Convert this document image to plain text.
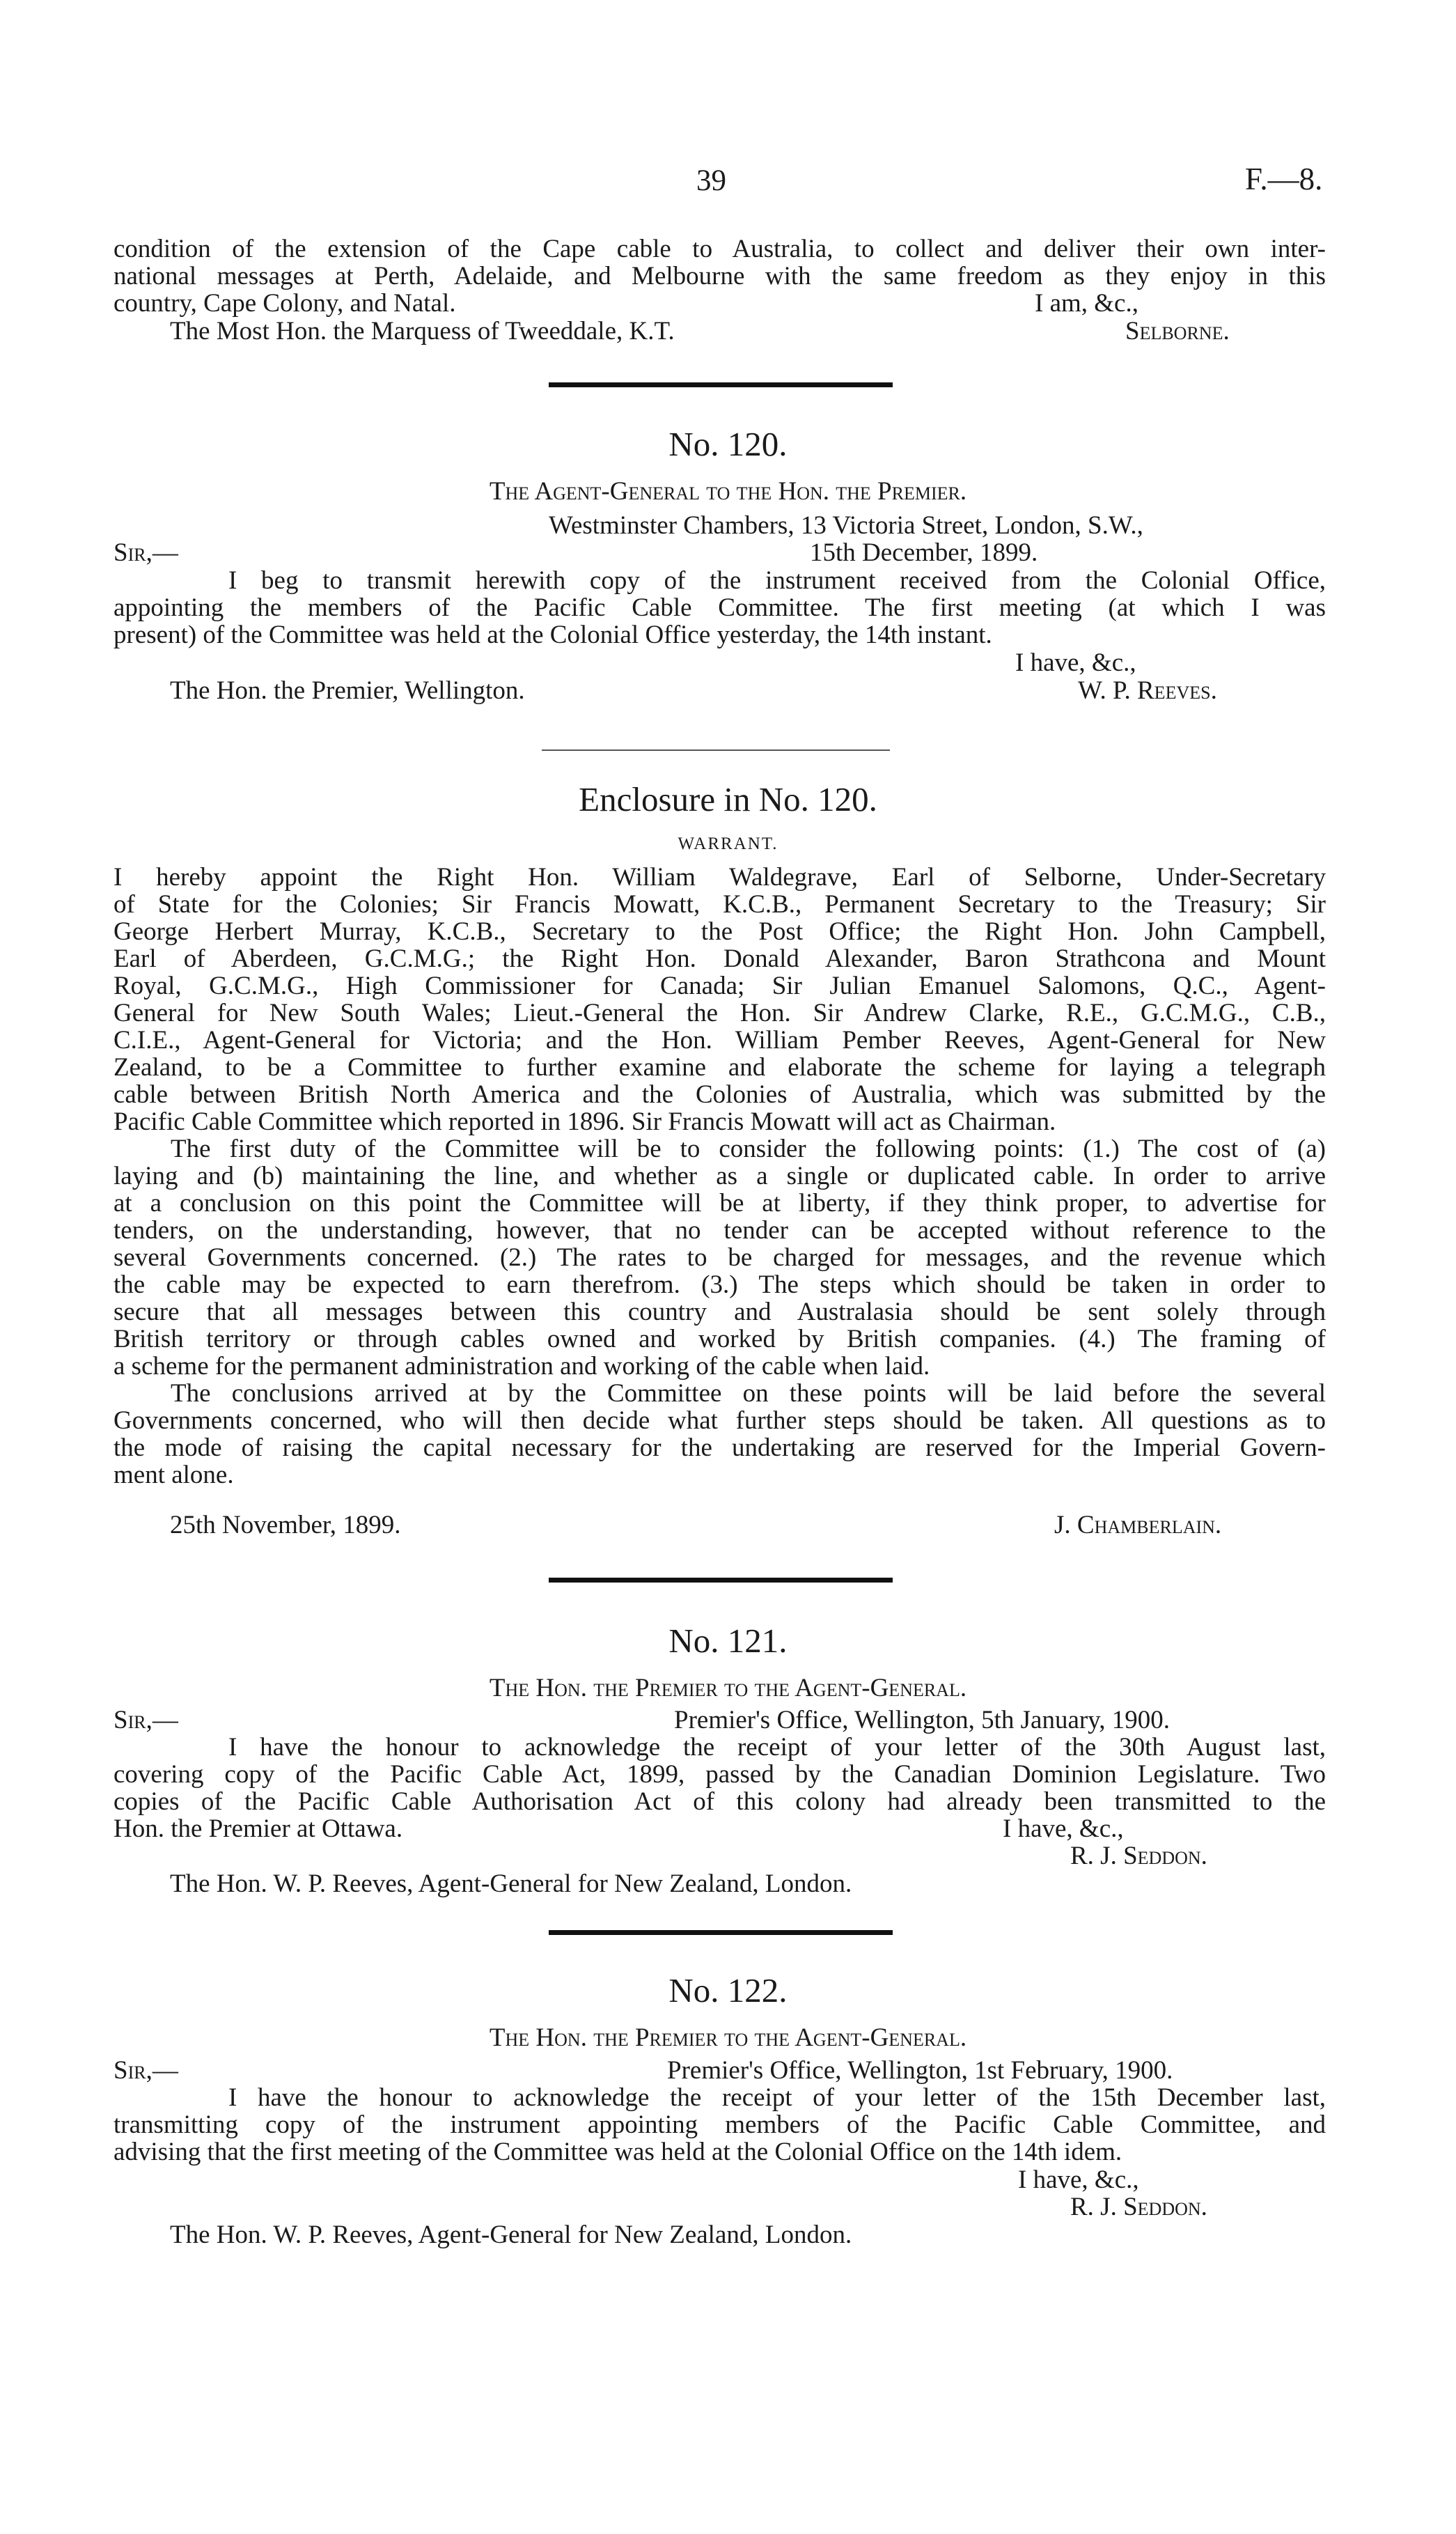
39	F.—8.
condition of the extension of the Cape cable to Australia, to collect and deliver their own inter-
national messages at Perth, Adelaide, and Melbourne with the same freedom as they enjoy in this
country, Cape Colony, and Natal.	I am, &c.,
The Most Hon. the Marquess of Tweeddale, K.T.	Selborne.
No. 120.
The Agent-General to the Hon. the Premier.
Westminster Chambers, 13 Victoria Street, London, S.W.,
Sir,—	15th December, 1899.
I beg to transmit herewith copy of the instrument received from the Colonial Office,
appointing the members of the Pacific Cable Committee. The first meeting (at which I was
present) of the Committee was held at the Colonial Office yesterday, the 14th instant.
I have, &c.,
The Hon. the Premier, Wellington.	W. P. Reeves.
Enclosure in No. 120.
WARRANT.
I hereby appoint the Right Hon. William Waldegrave, Earl of Selborne, Under-Secretary
of State for the Colonies; Sir Francis Mowatt, K.C.B., Permanent Secretary to the Treasury; Sir
George Herbert Murray, K.C.B., Secretary to the Post Office; the Right Hon. John Campbell,
Earl of Aberdeen, G.C.M.G.; the Right Hon. Donald Alexander, Baron Strathcona and Mount
Royal, G.C.M.G., High Commissioner for Canada; Sir Julian Emanuel Salomons, Q.C., Agent-
General for New South Wales; Lieut.-General the Hon. Sir Andrew Clarke, R.E., G.C.M.G., C.B.,
C.I.E., Agent-General for Victoria; and the Hon. William Pember Reeves, Agent-General for New
Zealand, to be a Committee to further examine and elaborate the scheme for laying a telegraph
cable between British North America and the Colonies of Australia, which was submitted by the
Pacific Cable Committee which reported in 1896. Sir Francis Mowatt will act as Chairman.
The first duty of the Committee will be to consider the following points: (1.) The cost of (a)
laying and (b) maintaining the line, and whether as a single or duplicated cable. In order to arrive
at a conclusion on this point the Committee will be at liberty, if they think proper, to advertise for
tenders, on the understanding, however, that no tender can be accepted without reference to the
several Governments concerned. (2.) The rates to be charged for messages, and the revenue which
the cable may be expected to earn therefrom. (3.) The steps which should be taken in order to
secure that all messages between this country and Australasia should be sent solely through
British territory or through cables owned and worked by British companies. (4.) The framing of
a scheme for the permanent administration and working of the cable when laid.
The conclusions arrived at by the Committee on these points will be laid before the several
Governments concerned, who will then decide what further steps should be taken. All questions as to
the mode of raising the capital necessary for the undertaking are reserved for the Imperial Govern-
ment alone.
25th November, 1899.	J. Chamberlain.
No. 121.
The Hon. the Premier to the Agent-General.
Sir,—	Premier's Office, Wellington, 5th January, 1900.
I have the honour to acknowledge the receipt of your letter of the 30th August last,
covering copy of the Pacific Cable Act, 1899, passed by the Canadian Dominion Legislature. Two
copies of the Pacific Cable Authorisation Act of this colony had already been transmitted to the
Hon. the Premier at Ottawa.	I have, &c.,
R. J. Seddon.
The Hon. W. P. Reeves, Agent-General for New Zealand, London.
No. 122.
The Hon. the Premier to the Agent-General.
Sir,—	Premier's Office, Wellington, 1st February, 1900.
I have the honour to acknowledge the receipt of your letter of the 15th December last,
transmitting copy of the instrument appointing members of the Pacific Cable Committee, and
advising that the first meeting of the Committee was held at the Colonial Office on the 14th idem.
I have, &c.,
R. J. Seddon.
The Hon. W. P. Reeves, Agent-General for New Zealand, London.
